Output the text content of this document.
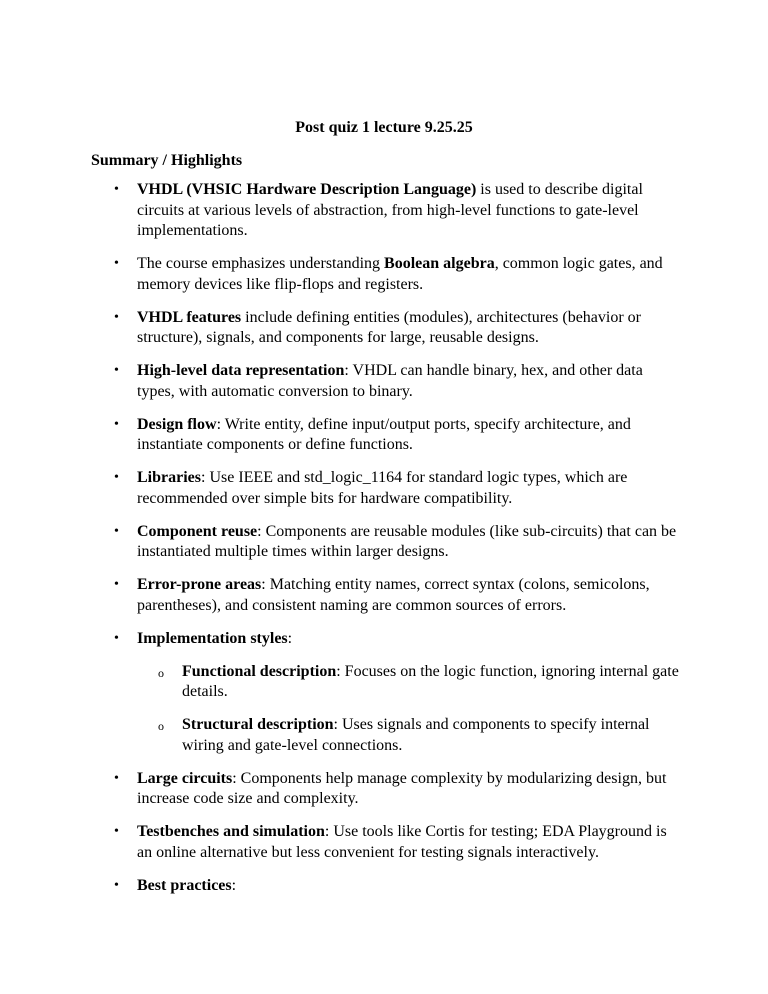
Post quiz 1 lecture 9.25.25

Summary / Highlights

• VHDL (VHSIC Hardware Description Language) is used to describe digital circuits at various levels of abstraction, from high-level functions to gate-level implementations.
• The course emphasizes understanding Boolean algebra, common logic gates, and memory devices like flip-flops and registers.
• VHDL features include defining entities (modules), architectures (behavior or structure), signals, and components for large, reusable designs.
• High-level data representation: VHDL can handle binary, hex, and other data types, with automatic conversion to binary.
• Design flow: Write entity, define input/output ports, specify architecture, and instantiate components or define functions.
• Libraries: Use IEEE and std_logic_1164 for standard logic types, which are recommended over simple bits for hardware compatibility.
• Component reuse: Components are reusable modules (like sub-circuits) that can be instantiated multiple times within larger designs.
• Error-prone areas: Matching entity names, correct syntax (colons, semicolons, parentheses), and consistent naming are common sources of errors.
• Implementation styles:
o Functional description: Focuses on the logic function, ignoring internal gate details.
o Structural description: Uses signals and components to specify internal wiring and gate-level connections.
• Large circuits: Components help manage complexity by modularizing design, but increase code size and complexity.
• Testbenches and simulation: Use tools like Cortis for testing; EDA Playground is an online alternative but less convenient for testing signals interactively.
• Best practices:
